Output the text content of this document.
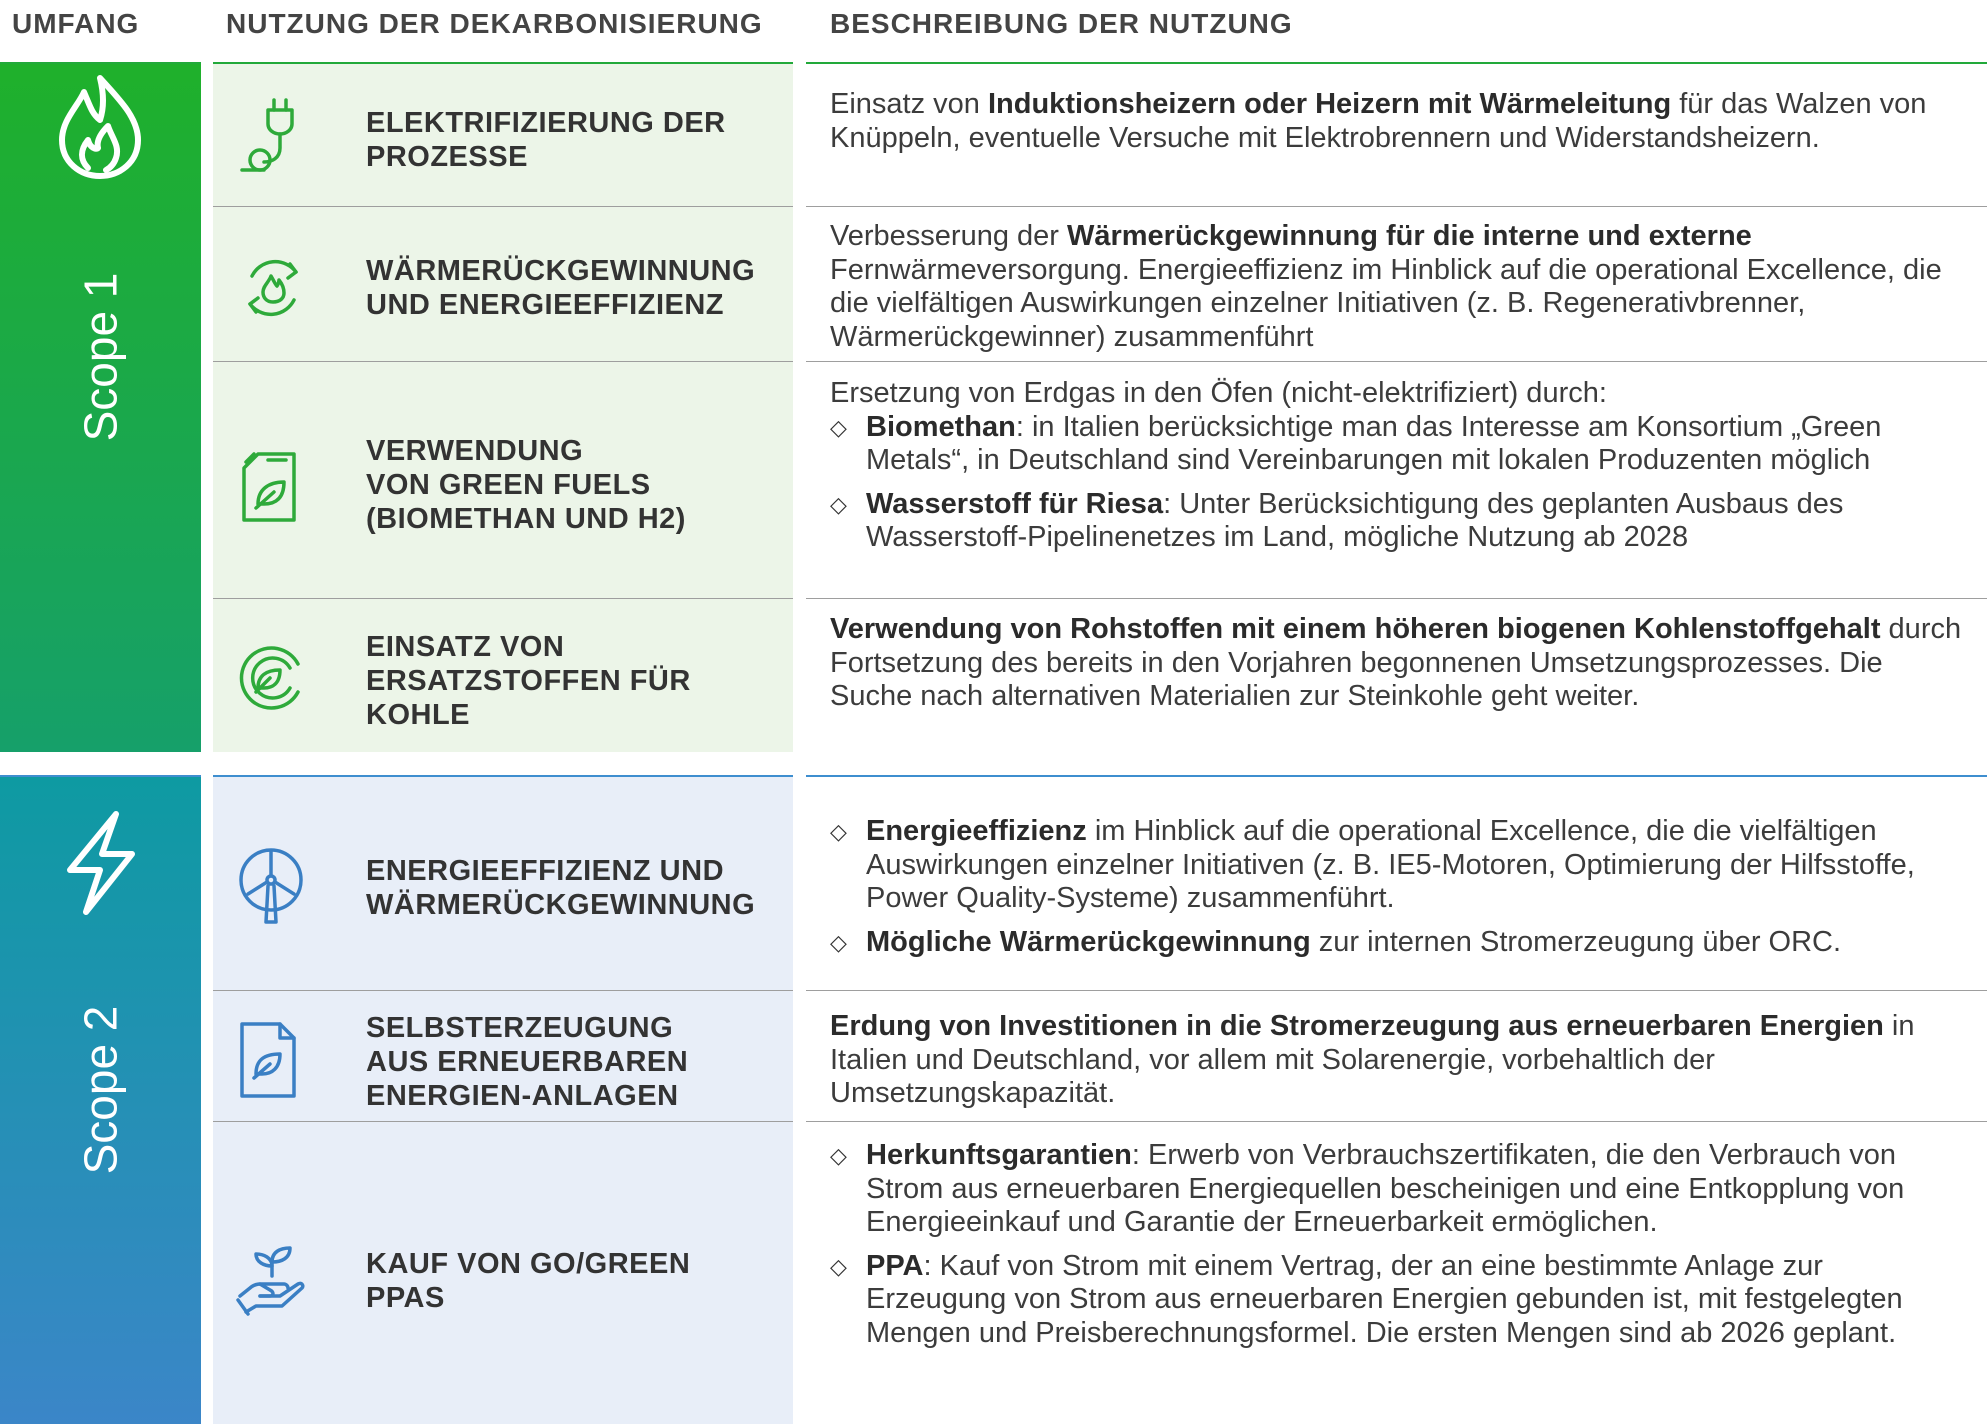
UMFANG	NUTZUNG DER DEKARBONISIERUNG BESCHREIBUNG DER NUTZUNG
Scope 1
ELEKTRIFIZIERUNG DER
PROZESSE

Einsatz von Induktionsheizern oder Heizern mit Wärmeleitung für das Walzen von Knüppeln, eventuelle Versuche mit Elektrobrennern und Widerstandsheizern.

WÄRMERÜCKGEWINNUNG
UND ENERGIEEFFIZIENZ

Verbesserung der Wärmerückgewinnung für die interne und externe Fernwärmeversorgung. Energieeffizienz im Hinblick auf die operational Excellence, die die vielfältigen Auswirkungen einzelner Initiativen (z. B. Regenerativbrenner, Wärmerückgewinner) zusammenführt

VERWENDUNG
VON GREEN FUELS
(BIOMETHAN UND H2)

Ersetzung von Erdgas in den Öfen (nicht-elektrifiziert) durch:

◇ Biomethan: in Italien berücksichtige man das Interesse am Konsortium „Green Metals“, in Deutschland sind Vereinbarungen mit lokalen Produzenten möglich

◇ Wasserstoff für Riesa: Unter Berücksichtigung des geplanten Ausbaus des Wasserstoff-Pipelinenetzes im Land, mögliche Nutzung ab 2028

EINSATZ VON
ERSATZSTOFFEN FÜR
KOHLE

Verwendung von Rohstoffen mit einem höheren biogenen Kohlenstoffgehalt durch Fortsetzung des bereits in den Vorjahren begonnenen Umsetzungsprozesses. Die Suche nach alternativen Materialien zur Steinkohle geht weiter.

Scope 2
ENERGIEEFFIZIENZ UND
WÄRMERÜCKGEWINNUNG

◇ Energieeffizienz im Hinblick auf die operational Excellence, die die vielfältigen Auswirkungen einzelner Initiativen (z. B. IE5-Motoren, Optimierung der Hilfsstoffe, Power Quality-Systeme) zusammenführt.

◇ Mögliche Wärmerückgewinnung zur internen Stromerzeugung über ORC.

SELBSTERZEUGUNG
AUS ERNEUERBAREN
ENERGIEN-ANLAGEN

Erdung von Investitionen in die Stromerzeugung aus erneuerbaren Energien in Italien und Deutschland, vor allem mit Solarenergie, vorbehaltlich der Umsetzungskapazität.

KAUF VON GO/GREEN
PPAS

◇ Herkunftsgarantien: Erwerb von Verbrauchszertifikaten, die den Verbrauch von Strom aus erneuerbaren Energiequellen bescheinigen und eine Entkopplung von Energieeinkauf und Garantie der Erneuerbarkeit ermöglichen.

◇ PPA: Kauf von Strom mit einem Vertrag, der an eine bestimmte Anlage zur Erzeugung von Strom aus erneuerbaren Energien gebunden ist, mit festgelegten Mengen und Preisberechnungsformel. Die ersten Mengen sind ab 2026 geplant.
